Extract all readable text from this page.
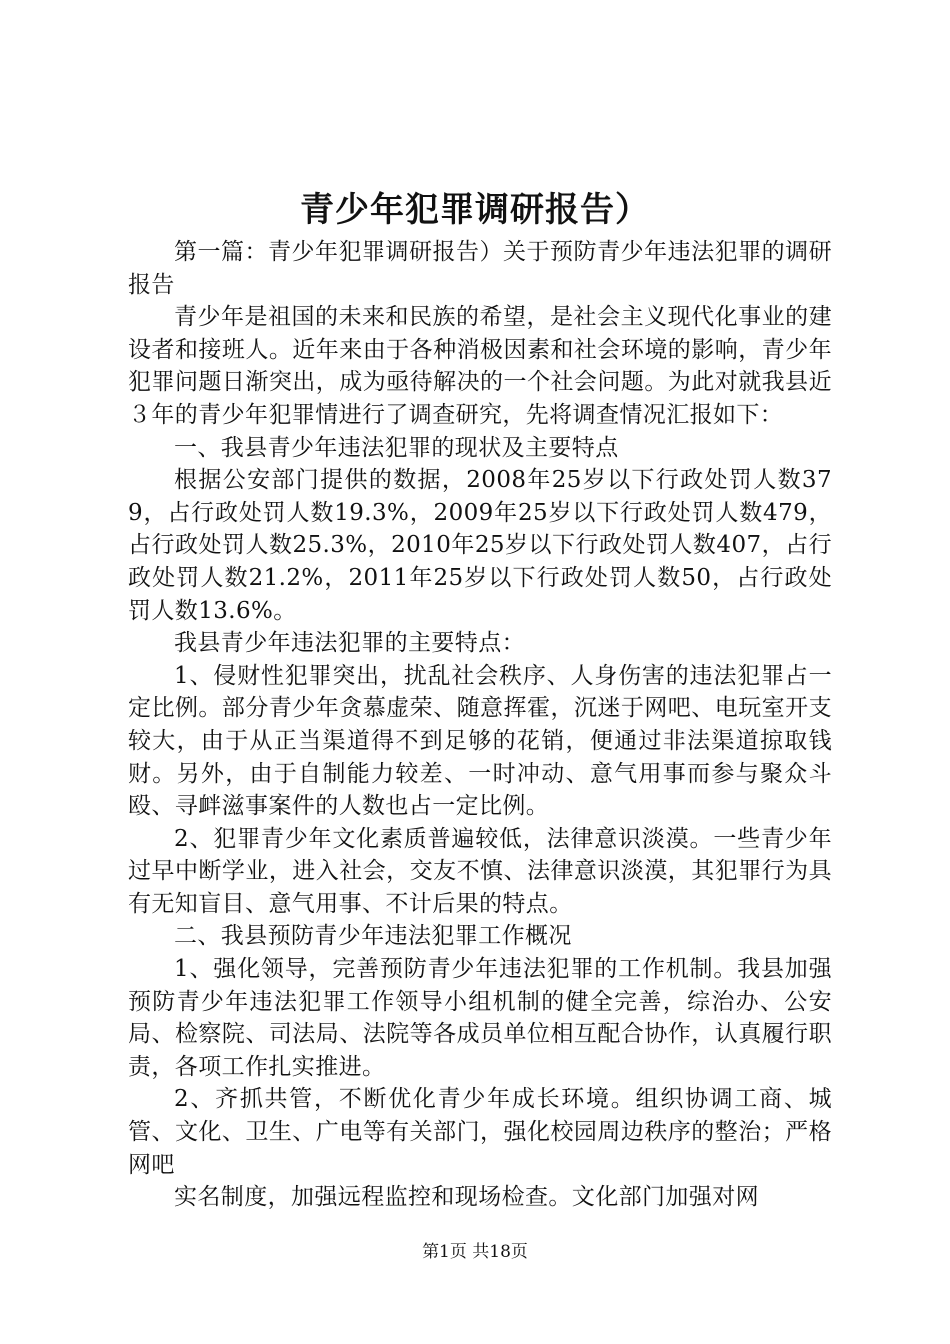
青少年犯罪调研报告）

第一篇：青少年犯罪调研报告）关于预防青少年违法犯罪的调研报告

青少年是祖国的未来和民族的希望，是社会主义现代化事业的建设者和接班人。近年来由于各种消极因素和社会环境的影响，青少年犯罪问题日渐突出，成为亟待解决的一个社会问题。为此对就我县近３年的青少年犯罪情进行了调查研究，先将调查情况汇报如下：

一、我县青少年违法犯罪的现状及主要特点

根据公安部门提供的数据，2008年25岁以下行政处罚人数379，占行政处罚人数19.3%，2009年25岁以下行政处罚人数479，占行政处罚人数25.3%，2010年25岁以下行政处罚人数407，占行政处罚人数21.2%，2011年25岁以下行政处罚人数50，占行政处罚人数13.6%。

我县青少年违法犯罪的主要特点：

1、侵财性犯罪突出，扰乱社会秩序、人身伤害的违法犯罪占一定比例。部分青少年贪慕虚荣、随意挥霍，沉迷于网吧、电玩室开支较大，由于从正当渠道得不到足够的花销，便通过非法渠道掠取钱财。另外，由于自制能力较差、一时冲动、意气用事而参与聚众斗殴、寻衅滋事案件的人数也占一定比例。

2、犯罪青少年文化素质普遍较低，法律意识淡漠。一些青少年过早中断学业，进入社会，交友不慎、法律意识淡漠，其犯罪行为具有无知盲目、意气用事、不计后果的特点。

二、我县预防青少年违法犯罪工作概况

1、强化领导，完善预防青少年违法犯罪的工作机制。我县加强预防青少年违法犯罪工作领导小组机制的健全完善，综治办、公安局、检察院、司法局、法院等各成员单位相互配合协作，认真履行职责，各项工作扎实推进。

2、齐抓共管，不断优化青少年成长环境。组织协调工商、城管、文化、卫生、广电等有关部门，强化校园周边秩序的整治；严格网吧

实名制度，加强远程监控和现场检查。文化部门加强对网

第1页 共18页
